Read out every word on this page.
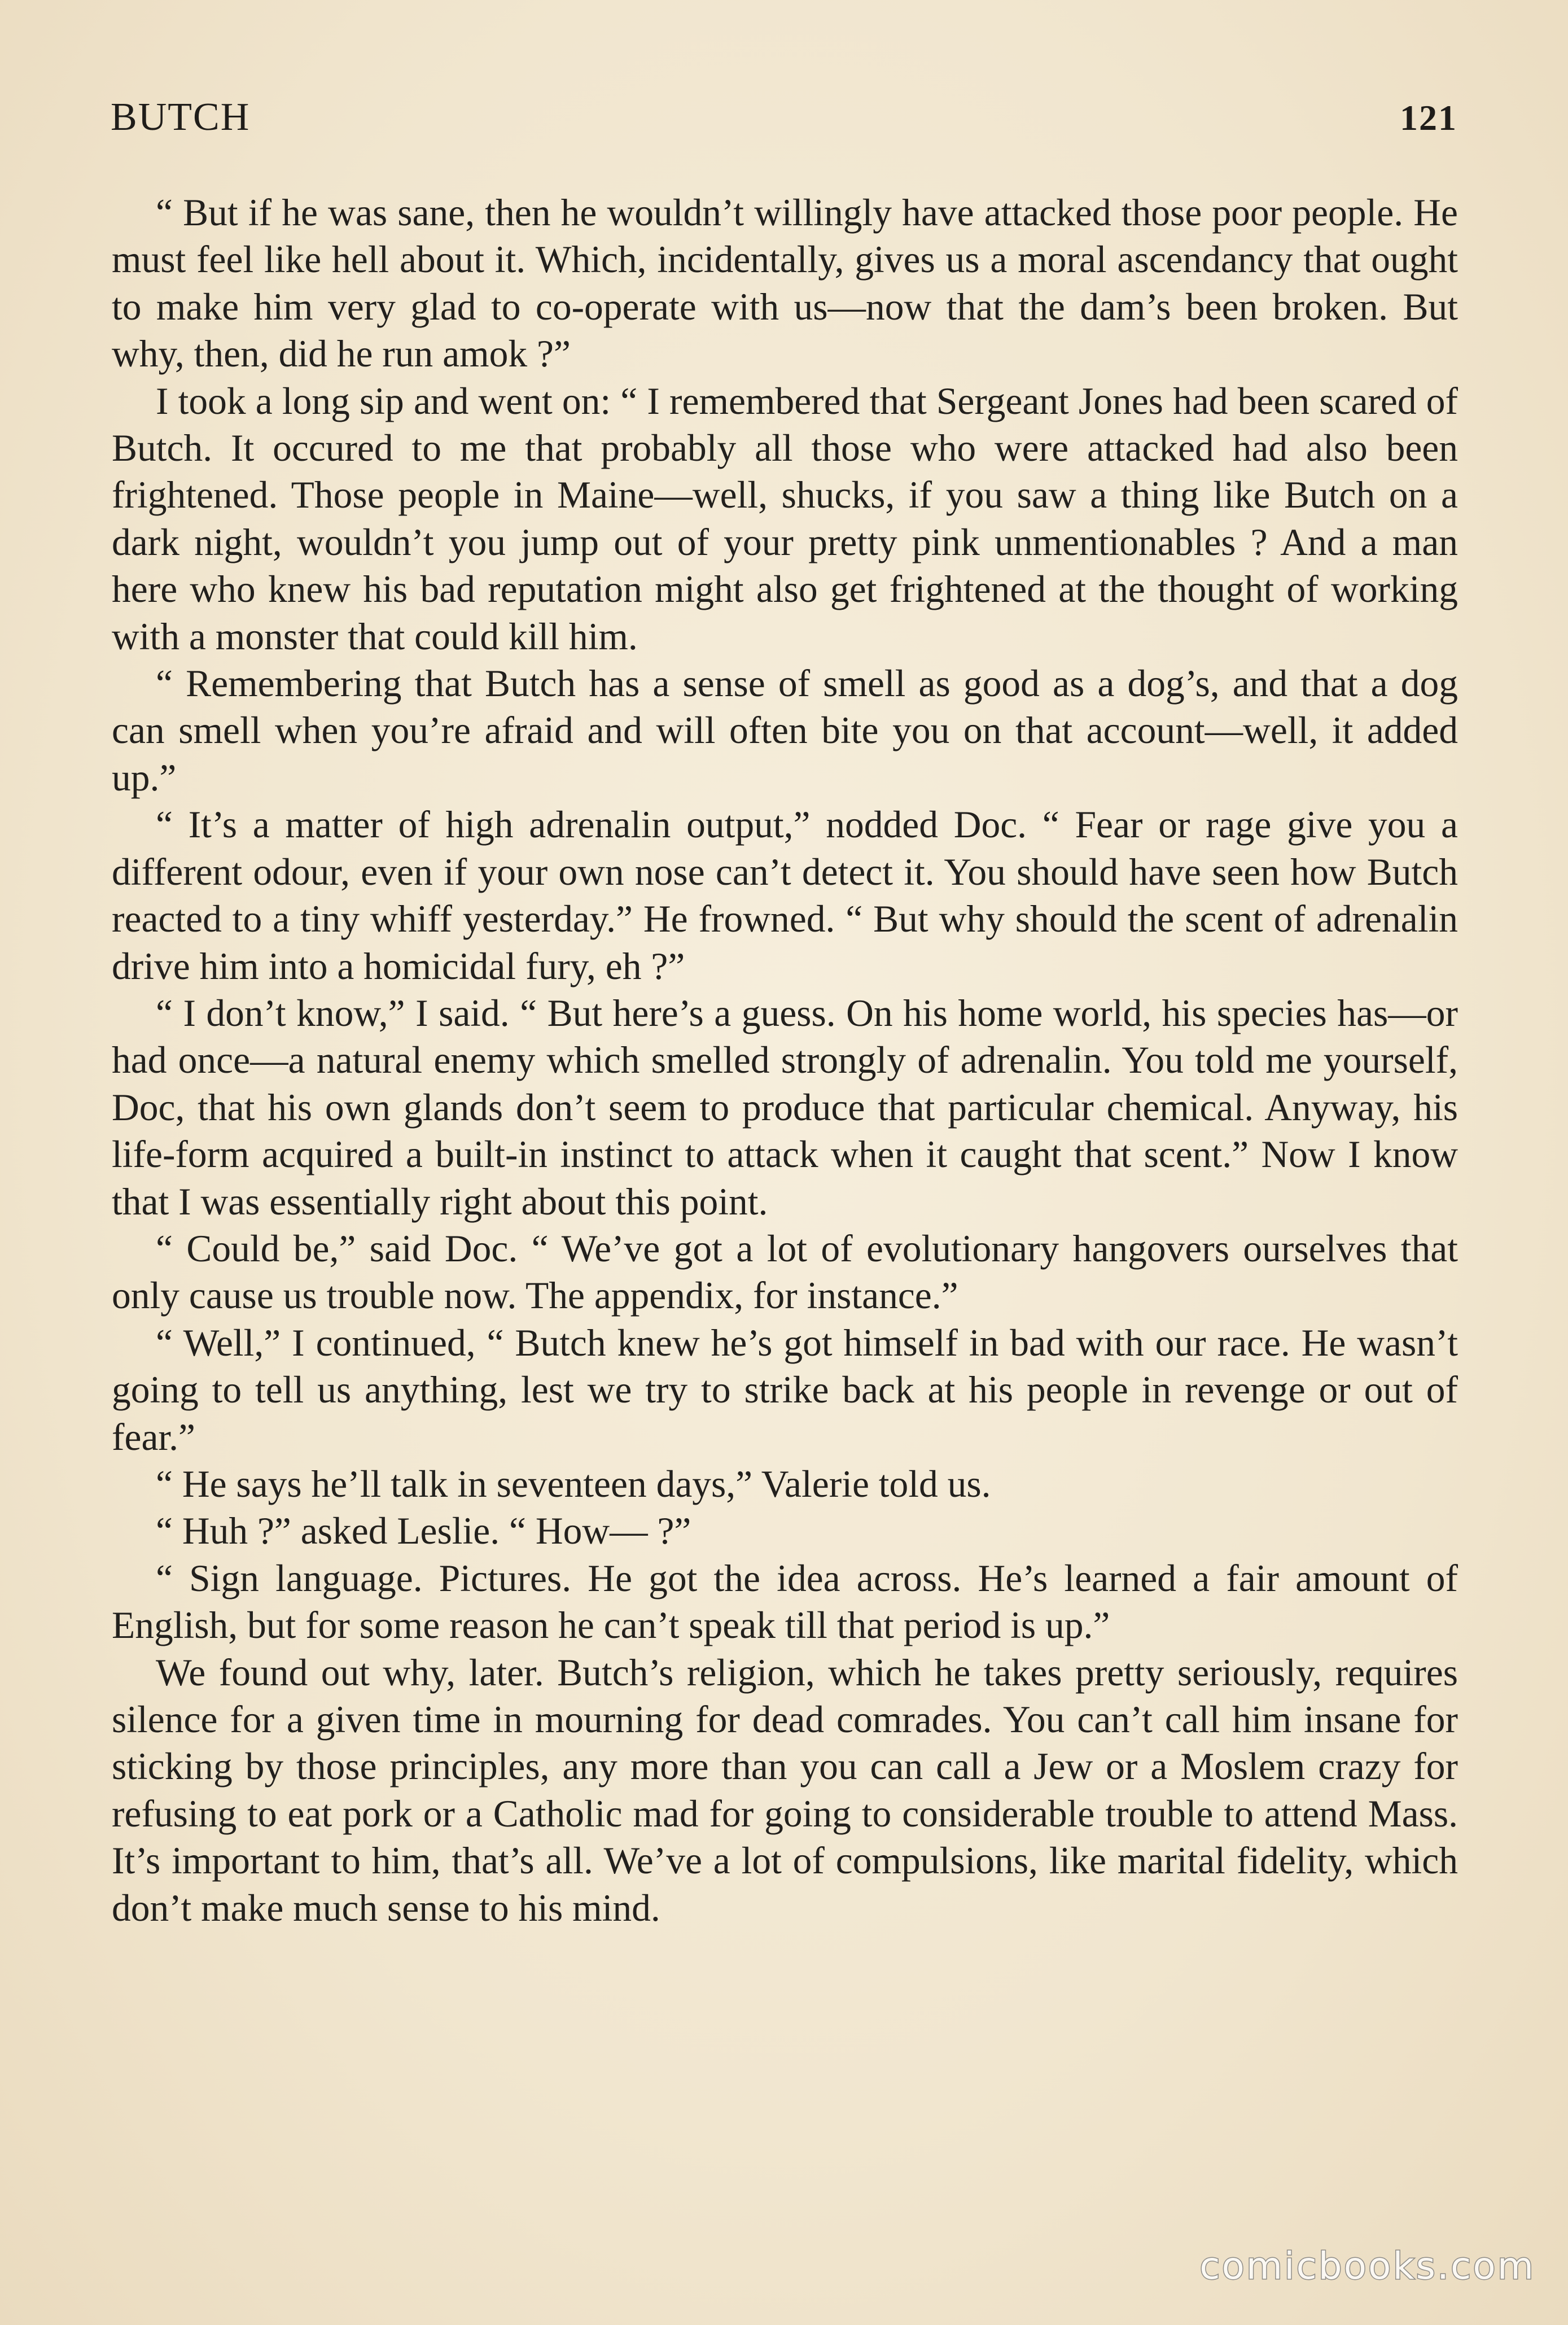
BUTCH	121

“ But if he was sane, then he wouldn’t willingly have attacked those poor people. He must feel like hell about it. Which, incidentally, gives us a moral ascendancy that ought to make him very glad to co-operate with us—now that the dam’s been broken. But why, then, did he run amok ?”

I took a long sip and went on: “ I remembered that Sergeant Jones had been scared of Butch. It occured to me that probably all those who were attacked had also been frightened. Those people in Maine—well, shucks, if you saw a thing like Butch on a dark night, wouldn’t you jump out of your pretty pink unmentionables ? And a man here who knew his bad reputation might also get frightened at the thought of working with a monster that could kill him.

“ Remembering that Butch has a sense of smell as good as a dog’s, and that a dog can smell when you’re afraid and will often bite you on that account—well, it added up.”

“ It’s a matter of high adrenalin output,” nodded Doc. “ Fear or rage give you a different odour, even if your own nose can’t detect it. You should have seen how Butch reacted to a tiny whiff yesterday.” He frowned. “ But why should the scent of adrenalin drive him into a homicidal fury, eh ?”

“ I don’t know,” I said. “ But here’s a guess. On his home world, his species has—or had once—a natural enemy which smelled strongly of adrenalin. You told me yourself, Doc, that his own glands don’t seem to produce that particular chemical. Anyway, his life-form acquired a built-in instinct to attack when it caught that scent.” Now I know that I was essentially right about this point.

“ Could be,” said Doc. “ We’ve got a lot of evolutionary hangovers ourselves that only cause us trouble now. The appendix, for instance.”

“ Well,” I continued, “ Butch knew he’s got himself in bad with our race. He wasn’t going to tell us anything, lest we try to strike back at his people in revenge or out of fear.”

“ He says he’ll talk in seventeen days,” Valerie told us.

“ Huh ?” asked Leslie. “ How— ?”

“ Sign language. Pictures. He got the idea across. He’s learned a fair amount of English, but for some reason he can’t speak till that period is up.”

We found out why, later. Butch’s religion, which he takes pretty seriously, requires silence for a given time in mourning for dead comrades. You can’t call him insane for sticking by those principles, any more than you can call a Jew or a Moslem crazy for refusing to eat pork or a Catholic mad for going to considerable trouble to attend Mass. It’s important to him, that’s all. We’ve a lot of compulsions, like marital fidelity, which don’t make much sense to his mind.

comicbooks.com
